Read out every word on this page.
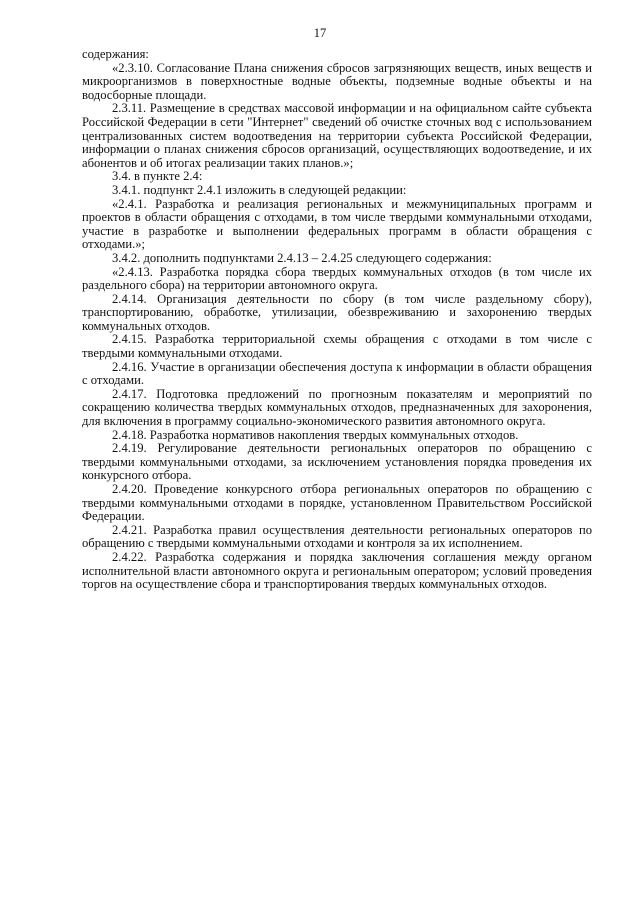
17

содержания:

«2.3.10. Согласование Плана снижения сбросов загрязняющих веществ, иных веществ и микроорганизмов в поверхностные водные объекты, подземные водные объекты и на водосборные площади.

2.3.11. Размещение в средствах массовой информации и на официальном сайте субъекта Российской Федерации в сети "Интернет" сведений об очистке сточных вод с использованием централизованных систем водоотведения на территории субъекта Российской Федерации, информации о планах снижения сбросов организаций, осуществляющих водоотведение, и их абонентов и об итогах реализации таких планов.»;

3.4. в пункте 2.4:

3.4.1. подпункт 2.4.1 изложить в следующей редакции:

«2.4.1. Разработка и реализация региональных и межмуниципальных программ и проектов в области обращения с отходами, в том числе твердыми коммунальными отходами, участие в разработке и выполнении федеральных программ в области обращения с отходами.»;

3.4.2. дополнить подпунктами 2.4.13 – 2.4.25 следующего содержания:

«2.4.13. Разработка порядка сбора твердых коммунальных отходов (в том числе их раздельного сбора) на территории автономного округа.

2.4.14. Организация деятельности по сбору (в том числе раздельному сбору), транспортированию, обработке, утилизации, обезвреживанию и захоронению твердых коммунальных отходов.

2.4.15. Разработка территориальной схемы обращения с отходами в том числе с твердыми коммунальными отходами.

2.4.16. Участие в организации обеспечения доступа к информации в области обращения с отходами.

2.4.17. Подготовка предложений по прогнозным показателям и мероприятий по сокращению количества твердых коммунальных отходов, предназначенных для захоронения, для включения в программу социально-экономического развития автономного округа.

2.4.18. Разработка нормативов накопления твердых коммунальных отходов.

2.4.19. Регулирование деятельности региональных операторов по обращению с твердыми коммунальными отходами, за исключением установления порядка проведения их конкурсного отбора.

2.4.20. Проведение конкурсного отбора региональных операторов по обращению с твердыми коммунальными отходами в порядке, установленном Правительством Российской Федерации.

2.4.21. Разработка правил осуществления деятельности региональных операторов по обращению с твердыми коммунальными отходами и контроля за их исполнением.

2.4.22. Разработка содержания и порядка заключения соглашения между органом исполнительной власти автономного округа и региональным оператором; условий проведения торгов на осуществление сбора и транспортирования твердых коммунальных отходов.
